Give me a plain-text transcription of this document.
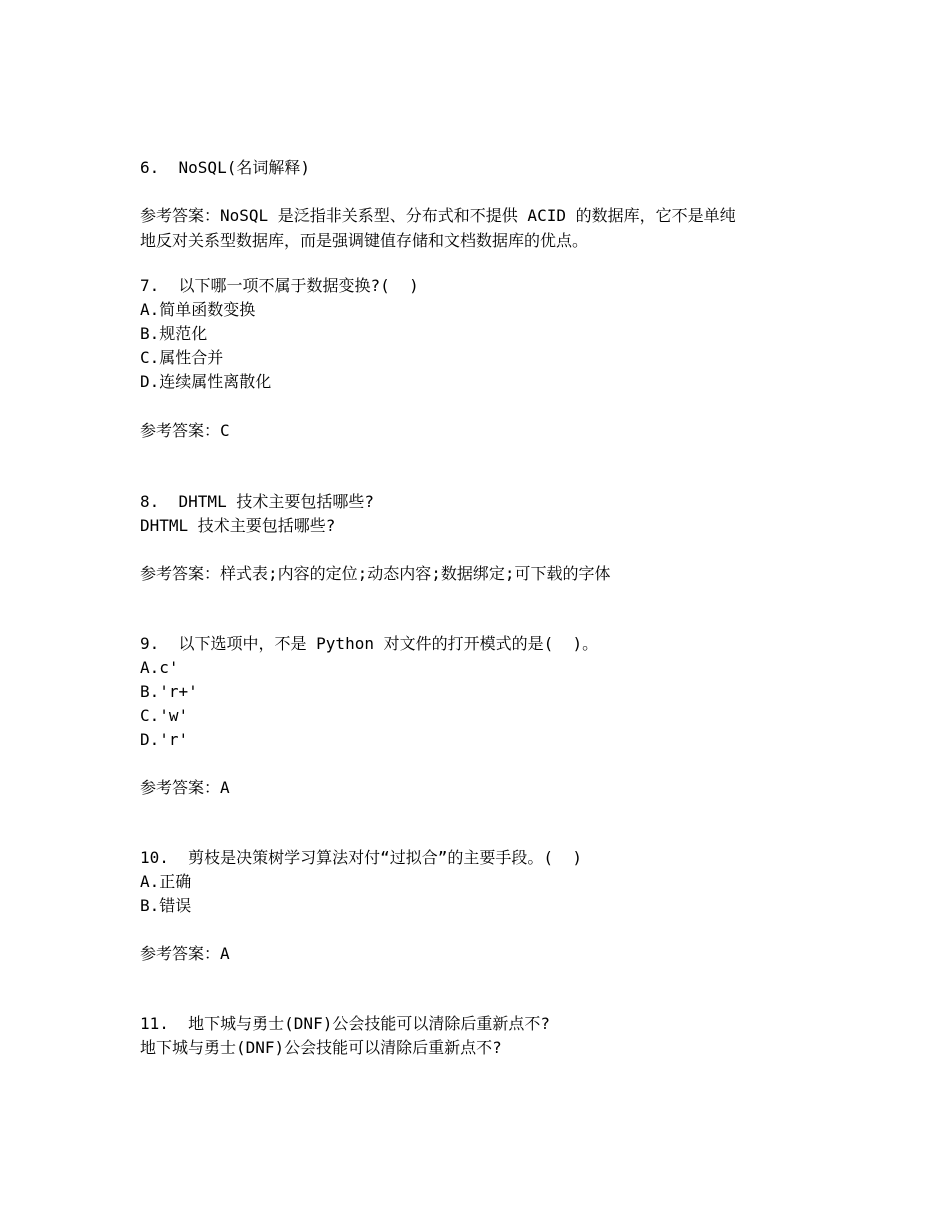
6.  NoSQL(名词解释)
参考答案：NoSQL 是泛指非关系型、分布式和不提供 ACID 的数据库，它不是单纯
地反对关系型数据库，而是强调键值存储和文档数据库的优点。
7.  以下哪一项不属于数据变换?(  )
A.简单函数变换
B.规范化
C.属性合并
D.连续属性离散化
参考答案：C
8.  DHTML 技术主要包括哪些?
DHTML 技术主要包括哪些?
参考答案：样式表;内容的定位;动态内容;数据绑定;可下载的字体
9.  以下选项中，不是 Python 对文件的打开模式的是(  )。
A.c'
B.'r+'
C.'w'
D.'r'
参考答案：A
10.  剪枝是决策树学习算法对付“过拟合”的主要手段。(  )
A.正确
B.错误
参考答案：A
11.  地下城与勇士(DNF)公会技能可以清除后重新点不?
地下城与勇士(DNF)公会技能可以清除后重新点不?
